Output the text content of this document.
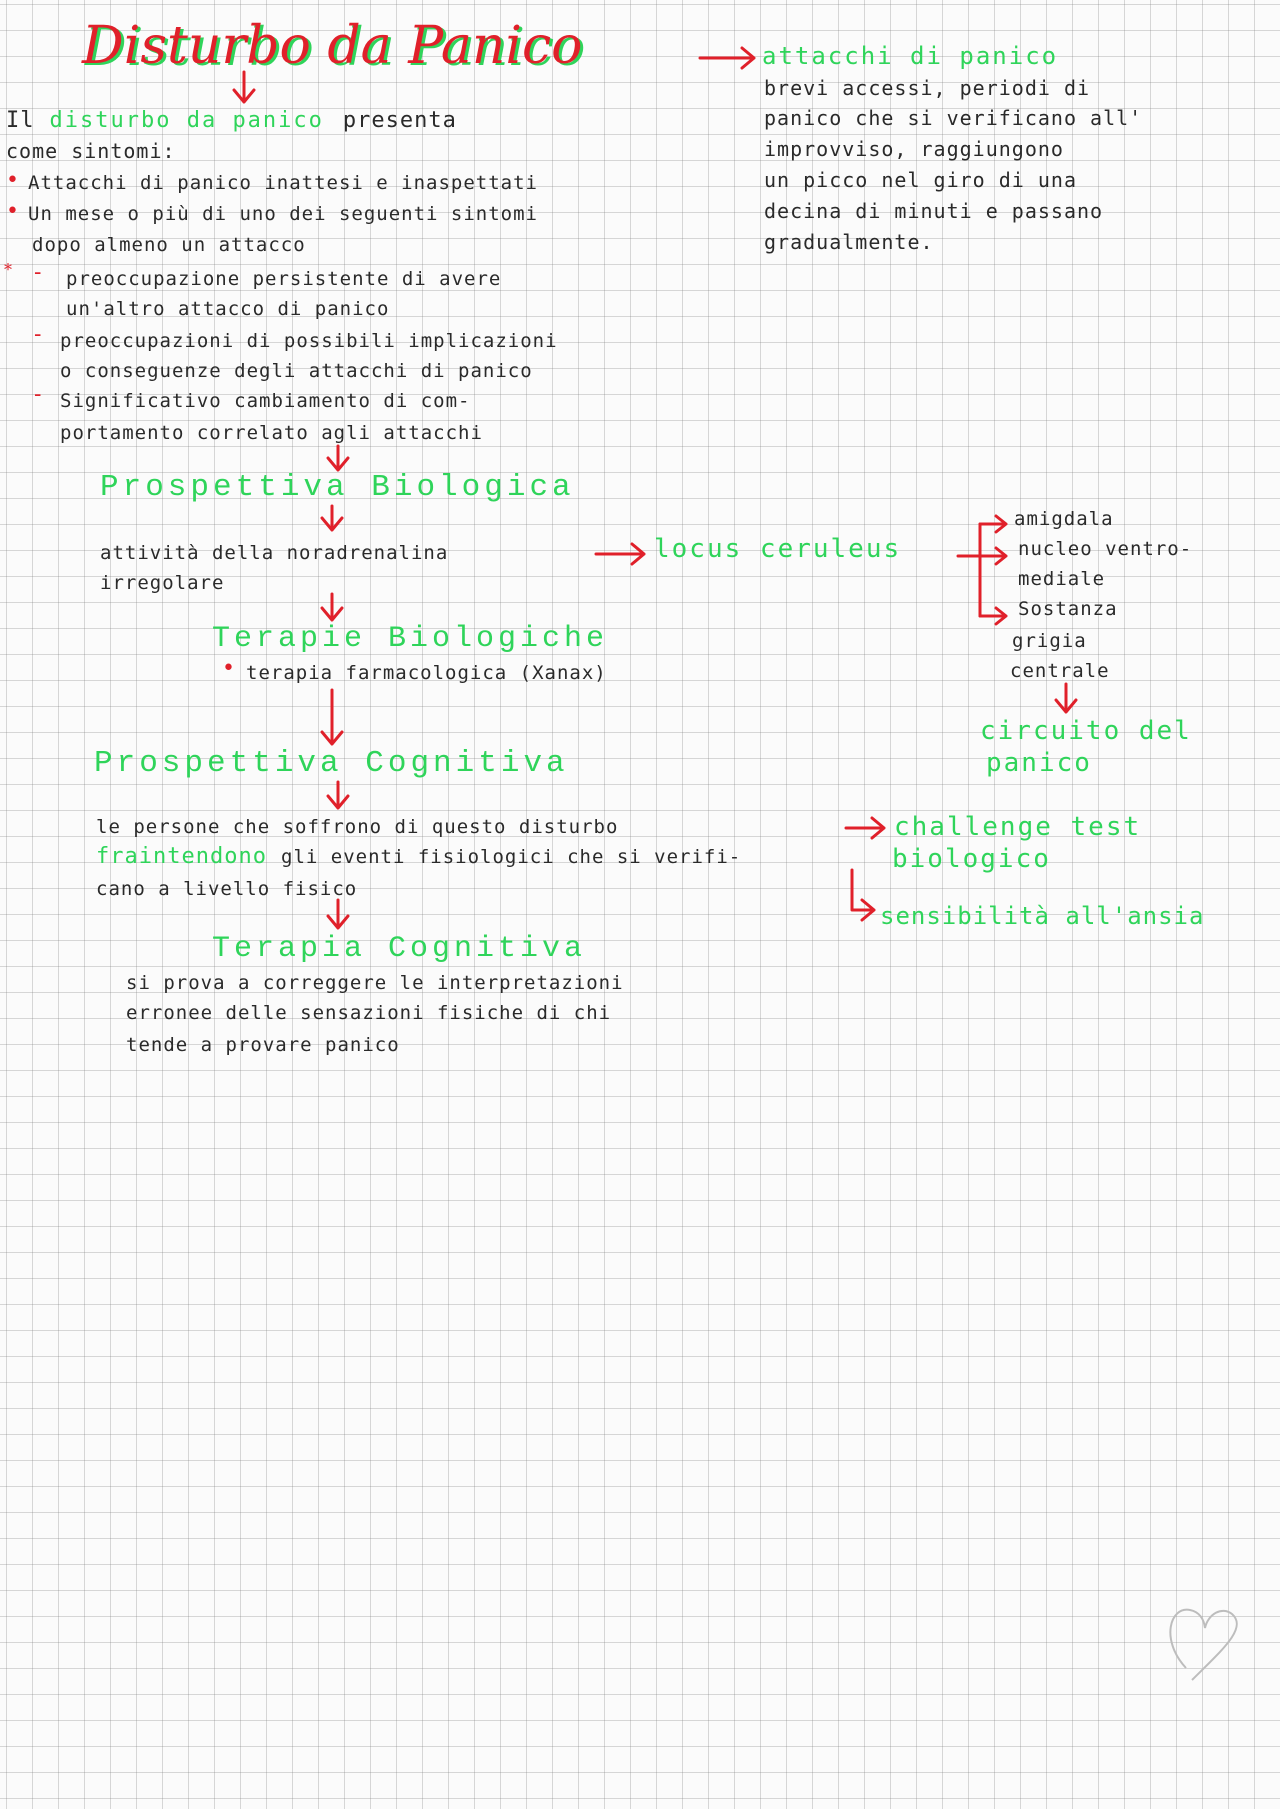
Disturbo da Panico	attacchi di panico
brevi accessi, periodi di
panico che si verificano all'
improvviso, raggiungono
un picco nel giro di una
decina di minuti e passano
gradualmente.
Il disturbo da panico presenta
come sintomi:
• Attacchi di panico inattesi e inaspettati
• Un mese o più di uno dei seguenti sintomi
dopo almeno un attacco
* - preoccupazione persistente di avere
un'altro attacco di panico
- preoccupazioni di possibili implicazioni
o conseguenze degli attacchi di panico
- Significativo cambiamento di com-
portamento correlato agli attacchi
Prospettiva Biologica
attività della noradrenalina
irregolare
locus ceruleus
amigdala
nucleo ventro-
mediale
Sostanza
grigia
centrale
circuito del
panico
Terapie Biologiche
• terapia farmacologica (Xanax)
Prospettiva Cognitiva
le persone che soffrono di questo disturbo
fraintendono gli eventi fisiologici che si verifi-
cano a livello fisico
challenge test
biologico
sensibilità all'ansia
Terapia Cognitiva
si prova a correggere le interpretazioni
erronee delle sensazioni fisiche di chi
tende a provare panico
